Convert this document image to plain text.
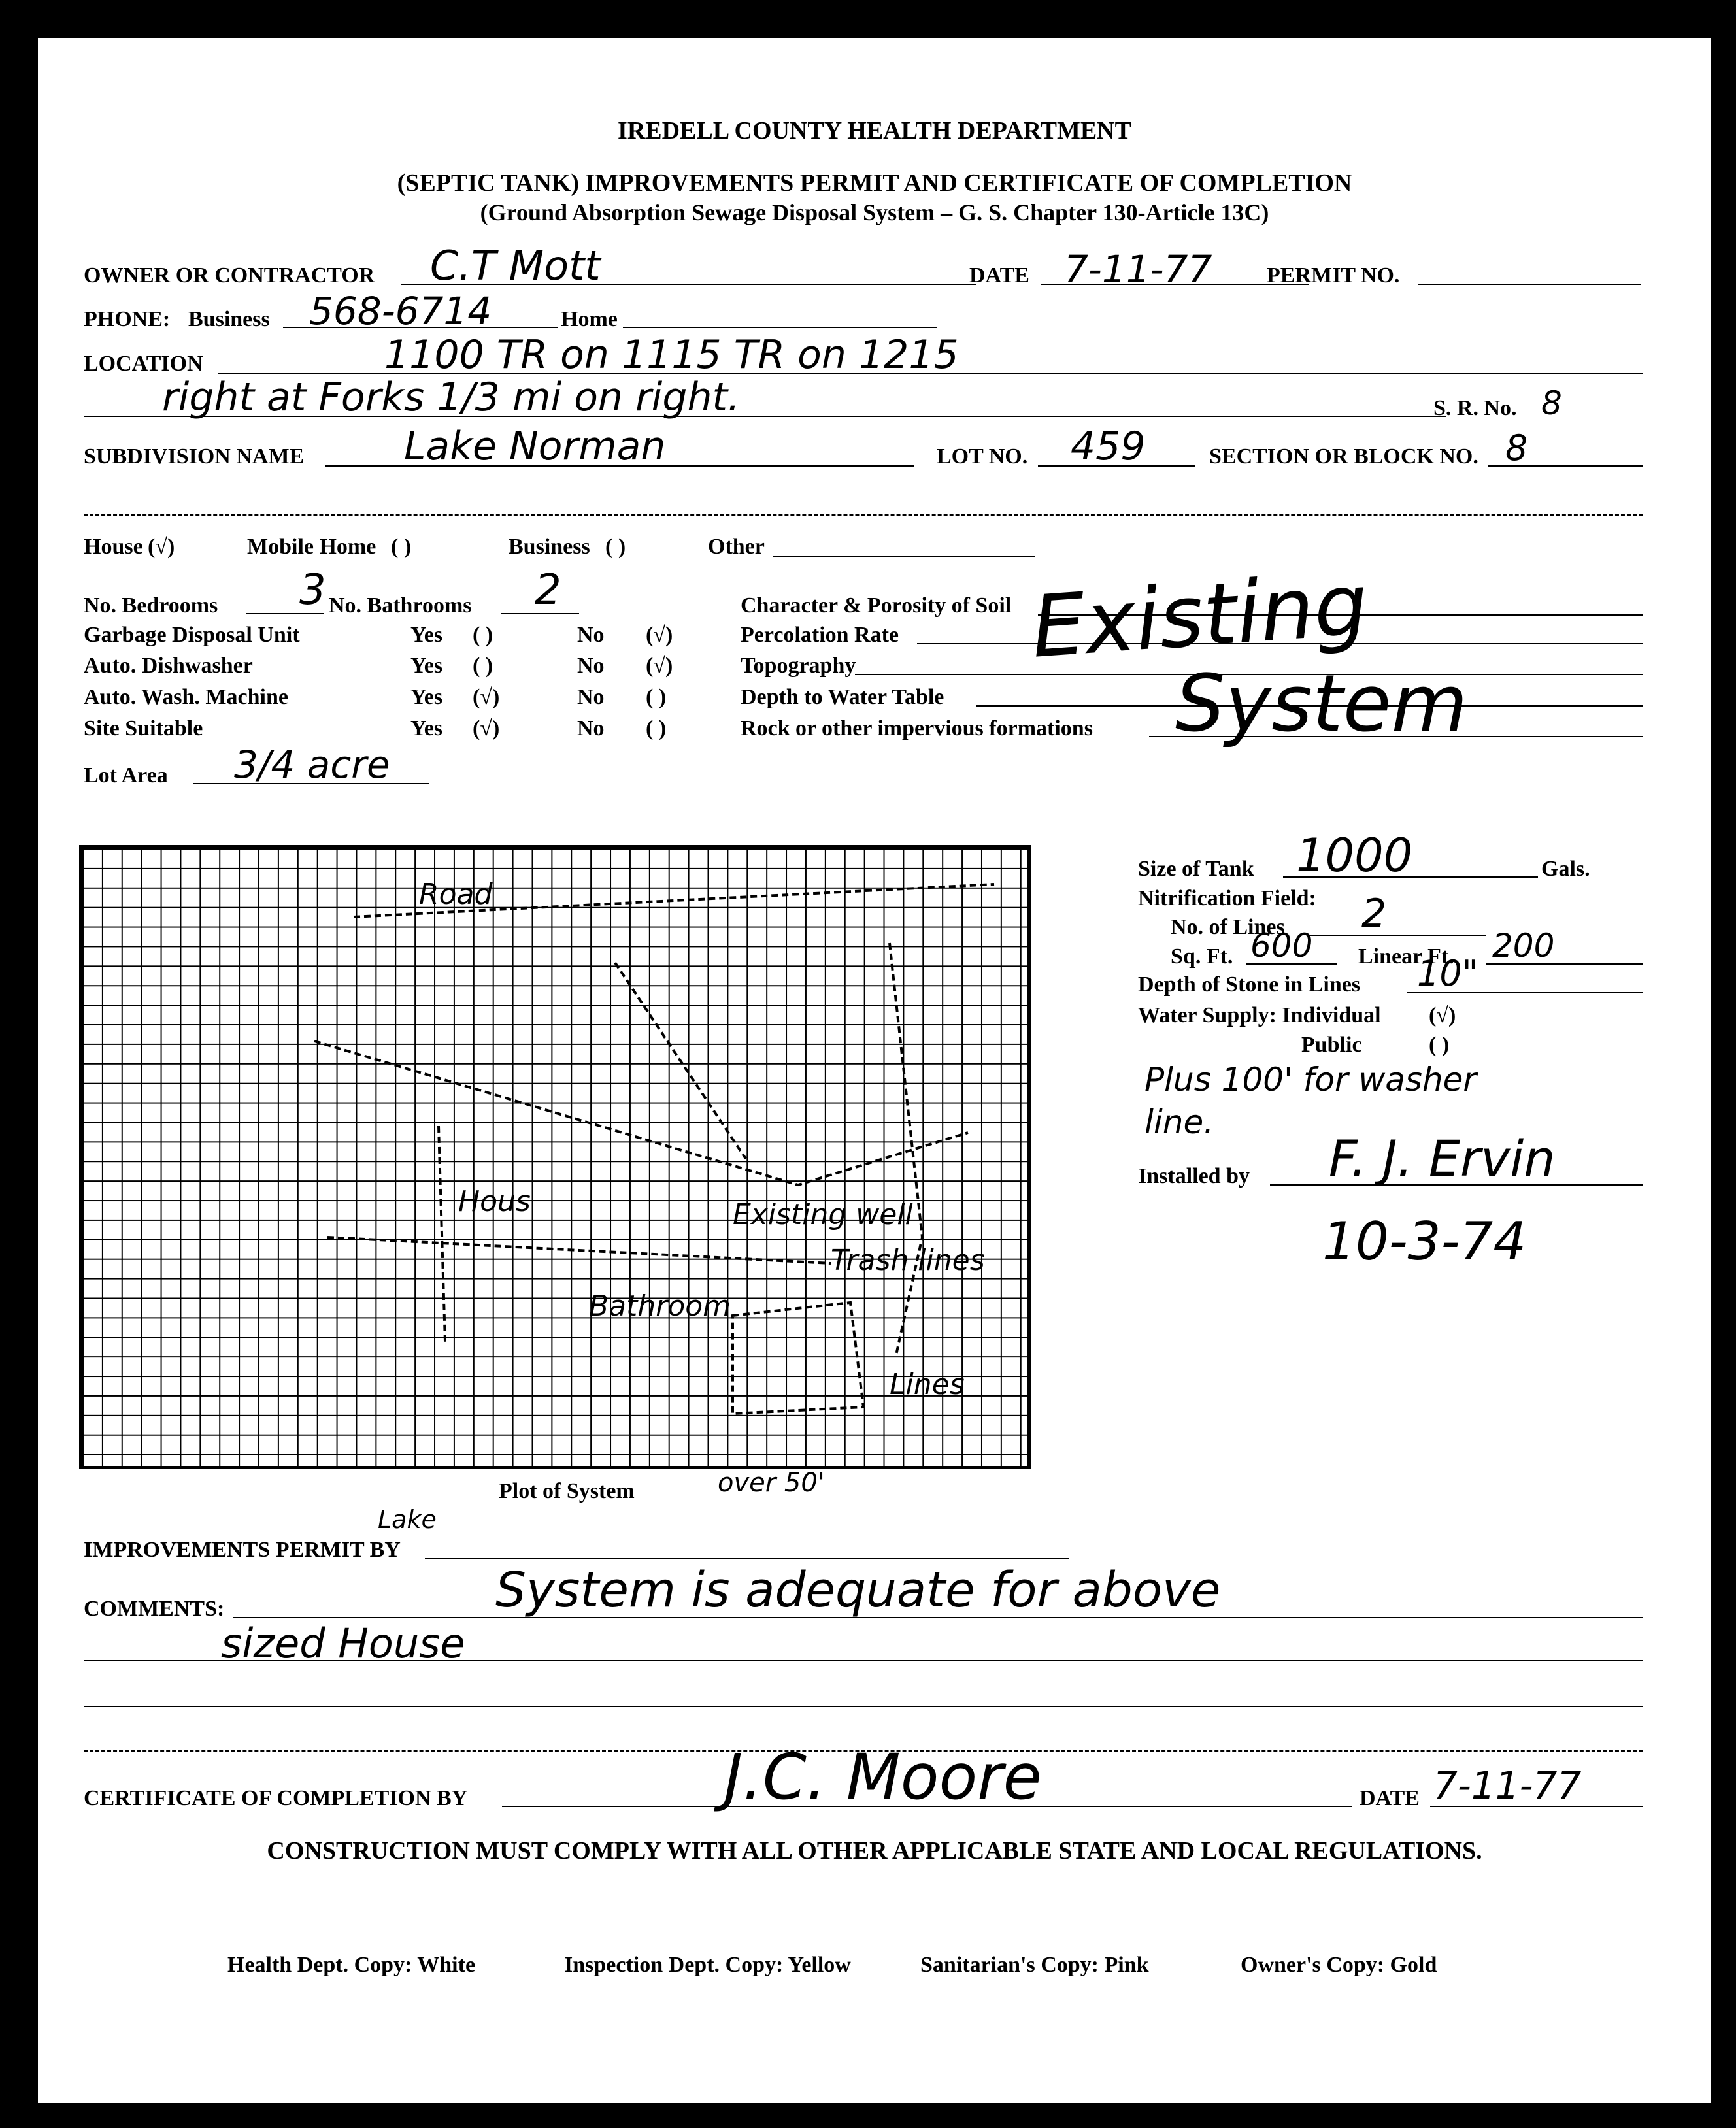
IREDELL COUNTY HEALTH DEPARTMENT
(SEPTIC TANK) IMPROVEMENTS PERMIT AND CERTIFICATE OF COMPLETION
(Ground Absorption Sewage Disposal System – G. S. Chapter 130-Article 13C)
OWNER OR CONTRACTOR C.T Mott	DATE 7-11-77 PERMIT NO.
PHONE: Business 568-6714	Home
LOCATION	1100 TR on 1115 TR on 1215
right at Forks 1/3 mi on right.	S. R. No. 8
SUBDIVISION NAME	Lake Norman	LOT NO. 459	SECTION OR BLOCK NO. 8
House (√)	Mobile Home ( )	Business ( )	Other
No. Bedrooms 3 No. Bathrooms 2
Garbage Disposal Unit	Yes ( )	No (√)
Auto. Dishwasher	Yes ( )	No (√)
Auto. Wash. Machine	Yes (√)	No ( )
Site Suitable	Yes (√)	No ( )
Lot Area 3/4 acre
Character & Porosity of Soil
Percolation Rate
Topography
Depth to Water Table
Rock or other impervious formations
Existing
System
Road
Hous	Existing well
Trash lines
Bathroom
Lines
Plot of System	over 50'
Size of Tank 1000	Gals.
Nitrification Field:
No. of Lines 2
Sq. Ft. 600 Linear Ft. 200
Depth of Stone in Lines 10"
Water Supply: Individual (√)
Public	( )
Plus 100' for washer
line.
Installed by F. J. Ervin
10-3-74
Lake
IMPROVEMENTS PERMIT BY
COMMENTS:	System is adequate for above
sized House
CERTIFICATE OF COMPLETION BY	J.C. Moore	DATE 7-11-77
CONSTRUCTION MUST COMPLY WITH ALL OTHER APPLICABLE STATE AND LOCAL REGULATIONS.
Health Dept. Copy: White	Inspection Dept. Copy: Yellow	Sanitarian's Copy: Pink	Owner's Copy: Gold
